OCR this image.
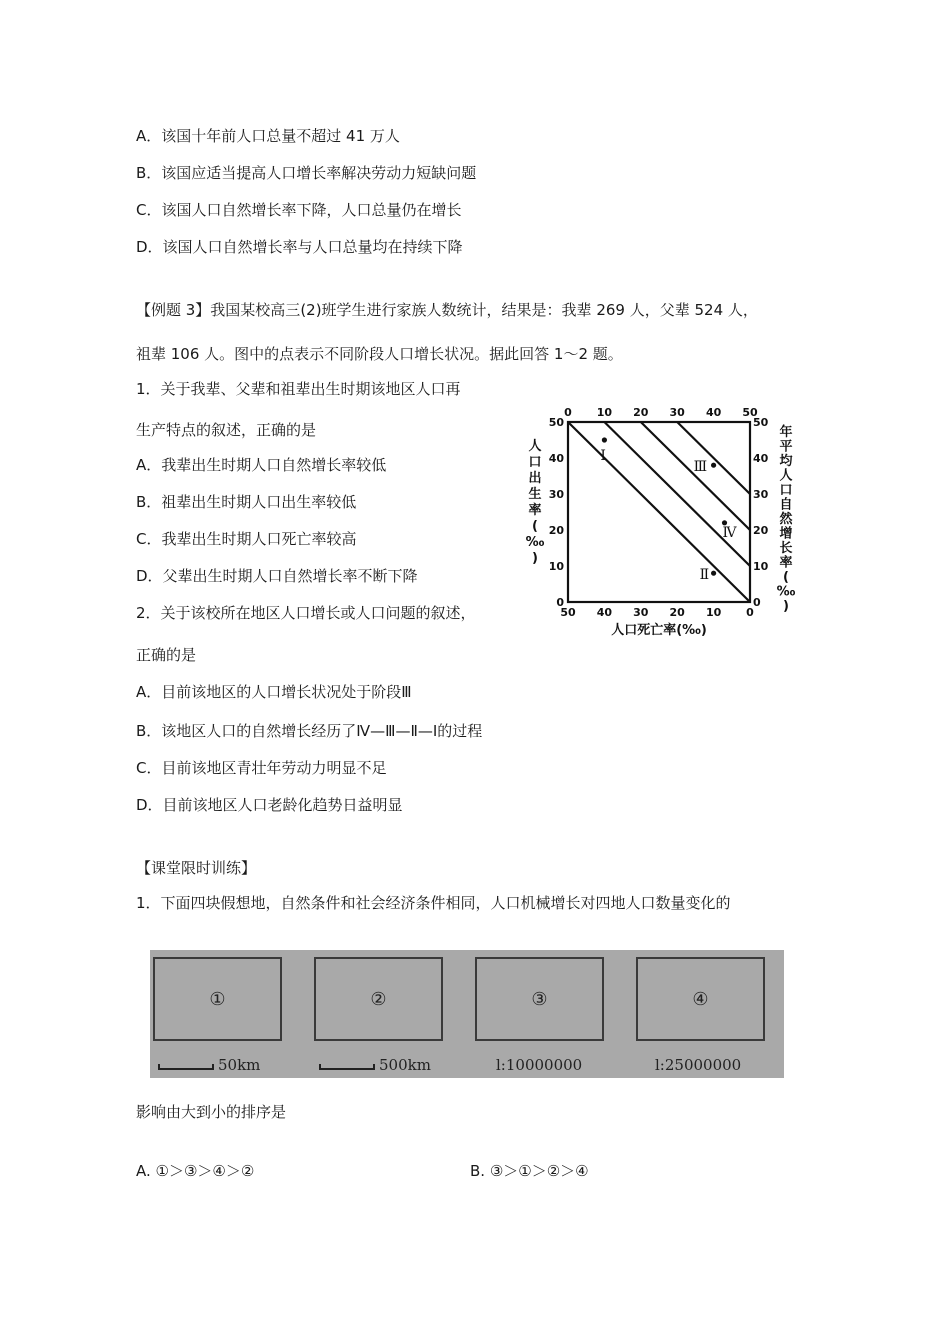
A．该国十年前人口总量不超过 41 万人
B．该国应适当提高人口增长率解决劳动力短缺问题
C．该国人口自然增长率下降，人口总量仍在增长
D．该国人口自然增长率与人口总量均在持续下降
【例题 3】我国某校高三(2)班学生进行家族人数统计，结果是：我辈 269 人，父辈 524 人，
祖辈 106 人。图中的点表示不同阶段人口增长状况。据此回答 1～2 题。
1．关于我辈、父辈和祖辈出生时期该地区人口再
生产特点的叙述，正确的是
A．我辈出生时期人口自然增长率较低
B．祖辈出生时期人口出生率较低
C．我辈出生时期人口死亡率较高
D．父辈出生时期人口自然增长率不断下降
2．关于该校所在地区人口增长或人口问题的叙述，
正确的是
A．目前该地区的人口增长状况处于阶段Ⅲ
B．该地区人口的自然增长经历了Ⅳ—Ⅲ—Ⅱ—Ⅰ的过程
C．目前该地区青壮年劳动力明显不足
D．目前该地区人口老龄化趋势日益明显
Ⅰ
Ⅲ
Ⅳ
Ⅱ
50 40 30 20 10 0
0 10 20 30 40 50
0
10
20
30
40
50
0
10
20
30
40
50
人口死亡率(‰)
人口出生率( ‰ )
年平均人口自然增长率( ‰ )
【课堂限时训练】
1．下面四块假想地，自然条件和社会经济条件相同，人口机械增长对四地人口数量变化的
①	②	③	④
50km	500km	l:10000000	l:25000000
影响由大到小的排序是
A. ①＞③＞④＞②	B. ③＞①＞②＞④
